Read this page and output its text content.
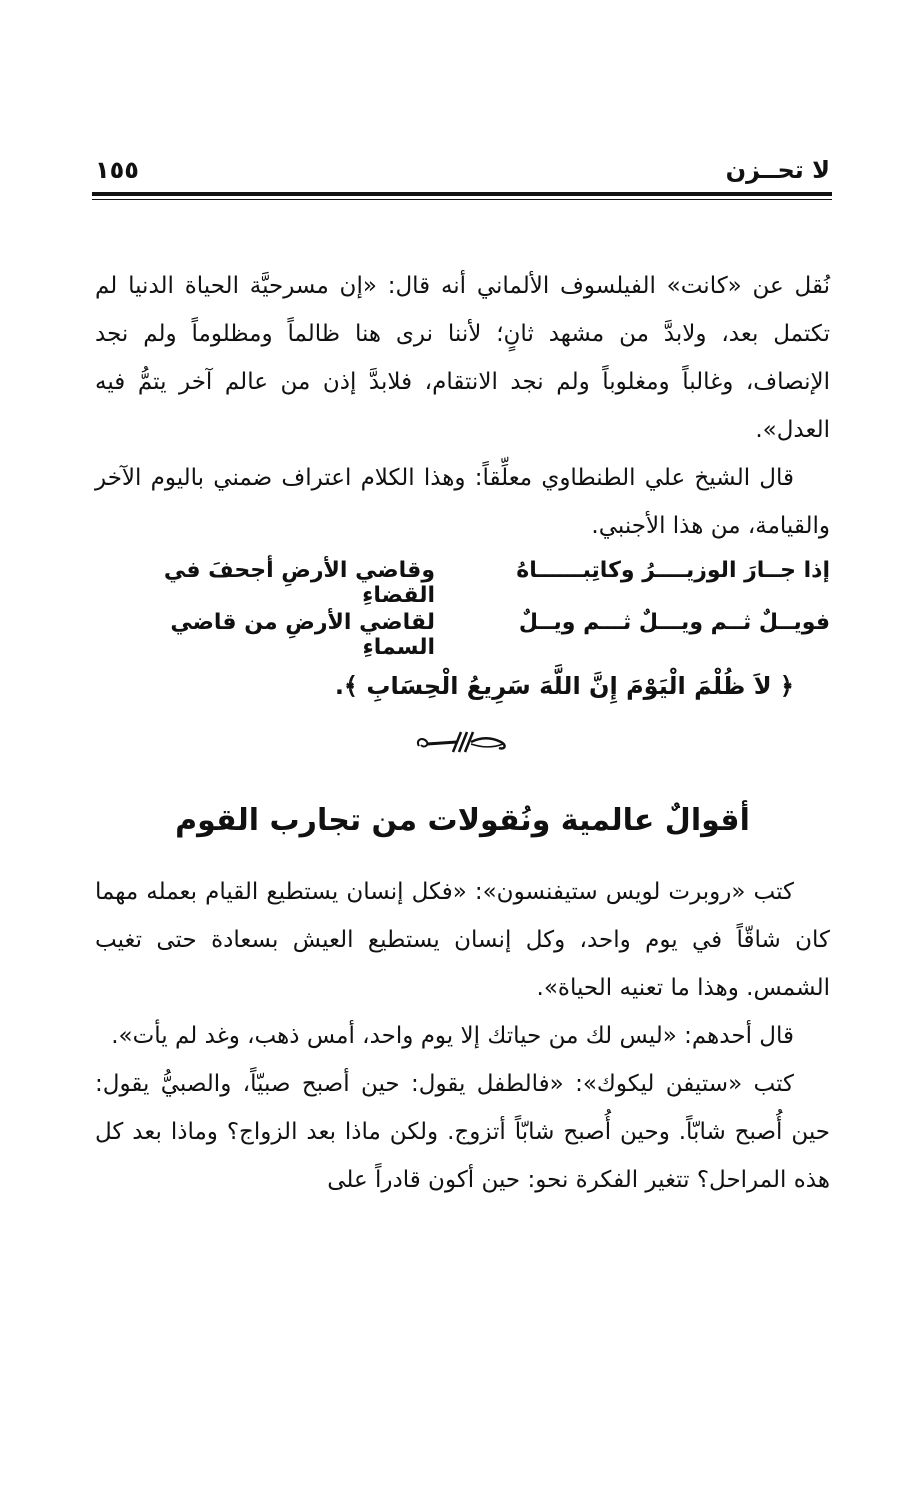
لا تحــزن
١٥٥

نُقل عن «كانت» الفيلسوف الألماني أنه قال: «إن مسرحيَّة الحياة الدنيا لم تكتمل بعد، ولابدَّ من مشهد ثانٍ؛ لأننا نرى هنا ظالماً ومظلوماً ولم نجد الإنصاف، وغالباً ومغلوباً ولم نجد الانتقام، فلابدَّ إذن من عالم آخر يتمُّ فيه العدل».

قال الشيخ علي الطنطاوي معلِّقاً: وهذا الكلام اعتراف ضمني باليوم الآخر والقيامة، من هذا الأجنبي.

إذا جــارَ الوزيــــرُ وكاتِبــــــاهُ
وقاضي الأرضِ أجحفَ في القضاءِ
فويــلٌ ثــم ويـــلٌ ثـــم ويــلٌ
لقاضي الأرضِ من قاضي السماءِ
﴿ لاَ ظُلْمَ الْيَوْمَ إِنَّ اللَّهَ سَرِيعُ الْحِسَابِ ﴾.
أقوالٌ عالمية ونُقولات من تجارب القوم

كتب «روبرت لويس ستيفنسون»: «فكل إنسان يستطيع القيام بعمله مهما كان شاقّاً في يوم واحد، وكل إنسان يستطيع العيش بسعادة حتى تغيب الشمس. وهذا ما تعنيه الحياة».

قال أحدهم: «ليس لك من حياتك إلا يوم واحد، أمس ذهب، وغد لم يأت».

كتب «ستيفن ليكوك»: «فالطفل يقول: حين أصبح صبيّاً، والصبيُّ يقول: حين أُصبح شابّاً. وحين أُصبح شابّاً أتزوج. ولكن ماذا بعد الزواج؟ وماذا بعد كل هذه المراحل؟ تتغير الفكرة نحو: حين أكون قادراً على
